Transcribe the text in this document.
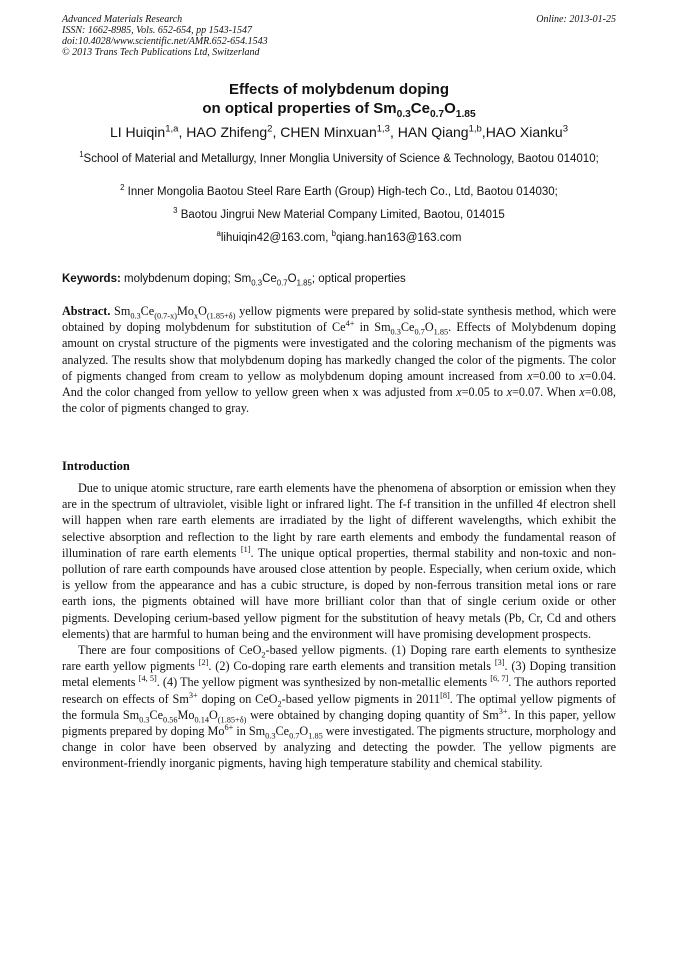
Advanced Materials Research
ISSN: 1662-8985, Vols. 652-654, pp 1543-1547
doi:10.4028/www.scientific.net/AMR.652-654.1543
© 2013 Trans Tech Publications Ltd, Switzerland
Online: 2013-01-25
Effects of molybdenum doping
on optical properties of $Sm_{0.3}Ce_{0.7}O_{1.85}$
LI Huiqin$^{1,a}$, HAO Zhifeng$^2$, CHEN Minxuan$^{1,3}$, HAN Qiang$^{1,b}$,HAO Xianku$^3$
$^1$School of Material and Metallurgy, Inner Monglia University of Science & Technology, Baotou 014010;
$^2$ Inner Mongolia Baotou Steel Rare Earth (Group) High-tech Co., Ltd, Baotou 014030;
$^3$ Baotou Jingrui New Material Company Limited, Baotou, 014015
$^a$lihuiqin42@163.com, $^b$qiang.han163@163.com
Keywords: molybdenum doping; $Sm_{0.3}Ce_{0.7}O_{1.85}$; optical properties
Abstract. $Sm_{0.3}Ce_{(0.7-x)}Mo_xO_{(1.85+\delta)}$ yellow pigments were prepared by solid-state synthesis method, which were obtained by doping molybdenum for substitution of $Ce^{4+}$ in $Sm_{0.3}Ce_{0.7}O_{1.85}$. Effects of Molybdenum doping amount on crystal structure of the pigments were investigated and the coloring mechanism of the pigments was analyzed. The results show that molybdenum doping has markedly changed the color of the pigments. The color of pigments changed from cream to yellow as molybdenum doping amount increased from x=0.00 to x=0.04. And the color changed from yellow to yellow green when x was adjusted from x=0.05 to x=0.07. When x=0.08, the color of pigments changed to gray.
Introduction

Due to unique atomic structure, rare earth elements have the phenomena of absorption or emission when they are in the spectrum of ultraviolet, visible light or infrared light. The f-f transition in the unfilled 4f electron shell will happen when rare earth elements are irradiated by the light of different wavelengths, which exhibit the selective absorption and reflection to the light by rare earth elements and embody the fundamental reason of illumination of rare earth elements [1]. The unique optical properties, thermal stability and non-toxic and non-pollution of rare earth compounds have aroused close attention by people. Especially, when cerium oxide, which is yellow from the appearance and has a cubic structure, is doped by non-ferrous transition metal ions or rare earth ions, the pigments obtained will have more brilliant color than that of single cerium oxide or other pigments. Developing cerium-based yellow pigment for the substitution of heavy metals (Pb, Cr, Cd and others elements) that are harmful to human being and the environment will have promising development prospects.

There are four compositions of CeO$_2$-based yellow pigments. (1) Doping rare earth elements to synthesize rare earth yellow pigments [2]. (2) Co-doping rare earth elements and transition metals [3]. (3) Doping transition metal elements [4, 5]. (4) The yellow pigment was synthesized by non-metallic elements [6, 7]. The authors reported research on effects of $Sm^{3+}$ doping on CeO$_2$-based yellow pigments in 2011[8]. The optimal yellow pigments of the formula $Sm_{0.3}Ce_{0.56}Mo_{0.14}O_{(1.85+\delta)}$ were obtained by changing doping quantity of $Sm^{3+}$. In this paper, yellow pigments prepared by doping $Mo^{6+}$ in $Sm_{0.3}Ce_{0.7}O_{1.85}$ were investigated. The pigments structure, morphology and change in color have been observed by analyzing and detecting the powder. The yellow pigments are environment-friendly inorganic pigments, having high temperature stability and chemical stability.
